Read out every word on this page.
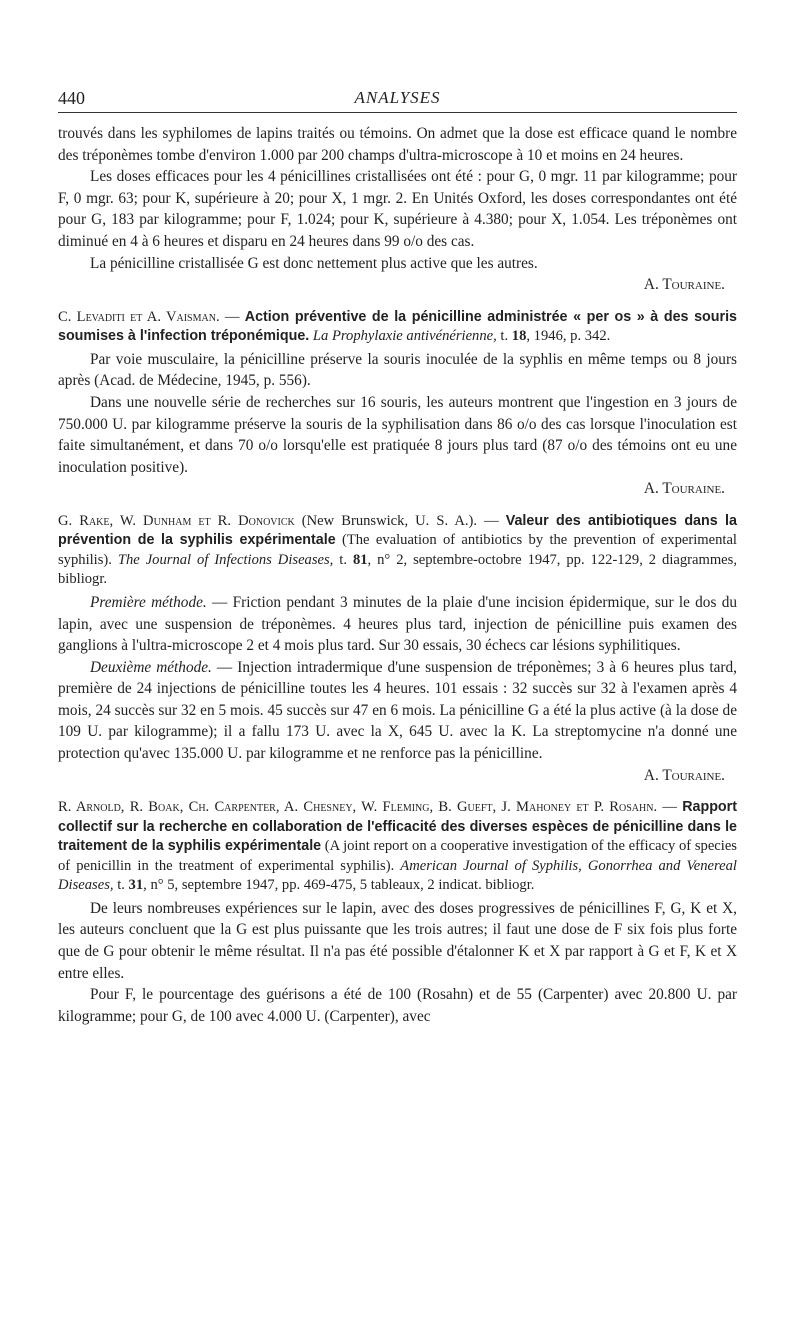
440	ANALYSES

trouvés dans les syphilomes de lapins traités ou témoins. On admet que la dose est efficace quand le nombre des tréponèmes tombe d'environ 1.000 par 200 champs d'ultra-microscope à 10 et moins en 24 heures.

Les doses efficaces pour les 4 pénicillines cristallisées ont été : pour G, 0 mgr. 11 par kilogramme; pour F, 0 mgr. 63; pour K, supérieure à 20; pour X, 1 mgr. 2. En Unités Oxford, les doses correspondantes ont été pour G, 183 par kilogramme; pour F, 1.024; pour K, supérieure à 4.380; pour X, 1.054. Les tréponèmes ont diminué en 4 à 6 heures et disparu en 24 heures dans 99 o/o des cas.

La pénicilline cristallisée G est donc nettement plus active que les autres.

A. Touraine.

C. Levaditi et A. Vaisman. — Action préventive de la pénicilline administrée « per os » à des souris soumises à l'infection tréponémique. La Prophylaxie antivénérienne, t. 18, 1946, p. 342.

Par voie musculaire, la pénicilline préserve la souris inoculée de la syphlis en même temps ou 8 jours après (Acad. de Médecine, 1945, p. 556).

Dans une nouvelle série de recherches sur 16 souris, les auteurs montrent que l'ingestion en 3 jours de 750.000 U. par kilogramme préserve la souris de la syphilisation dans 86 o/o des cas lorsque l'inoculation est faite simultanément, et dans 70 o/o lorsqu'elle est pratiquée 8 jours plus tard (87 o/o des témoins ont eu une inoculation positive).

A. Touraine.

G. Rake, W. Dunham et R. Donovick (New Brunswick, U. S. A.). — Valeur des antibiotiques dans la prévention de la syphilis expérimentale (The evaluation of antibiotics by the prevention of experimental syphilis). The Journal of Infections Diseases, t. 81, n° 2, septembre-octobre 1947, pp. 122-129, 2 diagrammes, bibliogr.

Première méthode. — Friction pendant 3 minutes de la plaie d'une incision épidermique, sur le dos du lapin, avec une suspension de tréponèmes. 4 heures plus tard, injection de pénicilline puis examen des ganglions à l'ultra-microscope 2 et 4 mois plus tard. Sur 30 essais, 30 échecs car lésions syphilitiques.

Deuxième méthode. — Injection intradermique d'une suspension de tréponèmes; 3 à 6 heures plus tard, première de 24 injections de pénicilline toutes les 4 heures. 101 essais : 32 succès sur 32 à l'examen après 4 mois, 24 succès sur 32 en 5 mois. 45 succès sur 47 en 6 mois. La pénicilline G a été la plus active (à la dose de 109 U. par kilogramme); il a fallu 173 U. avec la X, 645 U. avec la K. La streptomycine n'a donné une protection qu'avec 135.000 U. par kilogramme et ne renforce pas la pénicilline.

A. Touraine.

R. Arnold, R. Boak, Ch. Carpenter, A. Chesney, W. Fleming, B. Gueft, J. Mahoney et P. Rosahn. — Rapport collectif sur la recherche en collaboration de l'efficacité des diverses espèces de pénicilline dans le traitement de la syphilis expérimentale (A joint report on a cooperative investigation of the efficacy of species of penicillin in the treatment of experimental syphilis). American Journal of Syphilis, Gonorrhea and Venereal Diseases, t. 31, n° 5, septembre 1947, pp. 469-475, 5 tableaux, 2 indicat. bibliogr.

De leurs nombreuses expériences sur le lapin, avec des doses progressives de pénicillines F, G, K et X, les auteurs concluent que la G est plus puissante que les trois autres; il faut une dose de F six fois plus forte que de G pour obtenir le même résultat. Il n'a pas été possible d'étalonner K et X par rapport à G et F, K et X entre elles.

Pour F, le pourcentage des guérisons a été de 100 (Rosahn) et de 55 (Carpenter) avec 20.800 U. par kilogramme; pour G, de 100 avec 4.000 U. (Carpenter), avec
